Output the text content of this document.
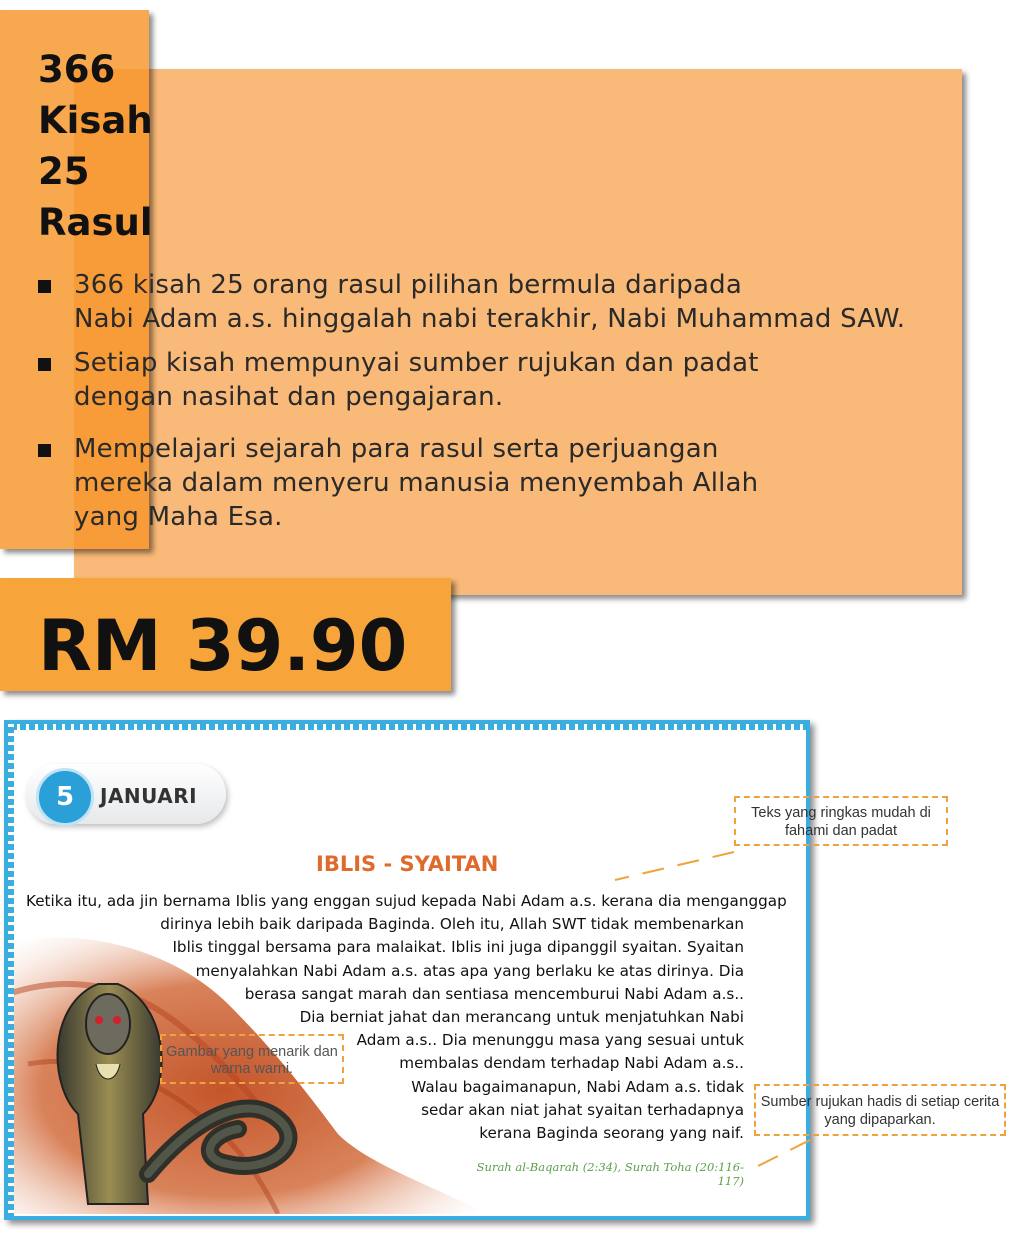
366
Kisah
25
Rasul
366 kisah 25 orang rasul pilihan bermula daripada
Nabi Adam a.s. hinggalah nabi terakhir, Nabi Muhammad SAW.
Setiap kisah mempunyai sumber rujukan dan padat dengan nasihat dan pengajaran.
Mempelajari sejarah para rasul serta perjuangan mereka dalam menyeru manusia menyembah Allah yang Maha Esa.

RM 39.90

5	JANUARI
IBLIS - SYAITAN

Ketika itu, ada jin bernama Iblis yang enggan sujud kepada Nabi Adam a.s. kerana dia menganggap
dirinya lebih baik daripada Baginda. Oleh itu, Allah SWT tidak membenarkan
Iblis tinggal bersama para malaikat. Iblis ini juga dipanggil syaitan. Syaitan
menyalahkan Nabi Adam a.s. atas apa yang berlaku ke atas dirinya. Dia
berasa sangat marah dan sentiasa mencemburui Nabi Adam a.s..
Dia berniat jahat dan merancang untuk menjatuhkan Nabi
Adam a.s.. Dia menunggu masa yang sesuai untuk
membalas dendam terhadap Nabi Adam a.s..
Walau bagaimanapun, Nabi Adam a.s. tidak
sedar akan niat jahat syaitan terhadapnya
kerana Baginda seorang yang naif.

Surah al-Baqarah (2:34), Surah Toha (20:116-117)
Teks yang ringkas mudah di fahami dan padat
Gambar yang menarik dan warna warni.
Sumber rujukan hadis di setiap cerita yang dipaparkan.
